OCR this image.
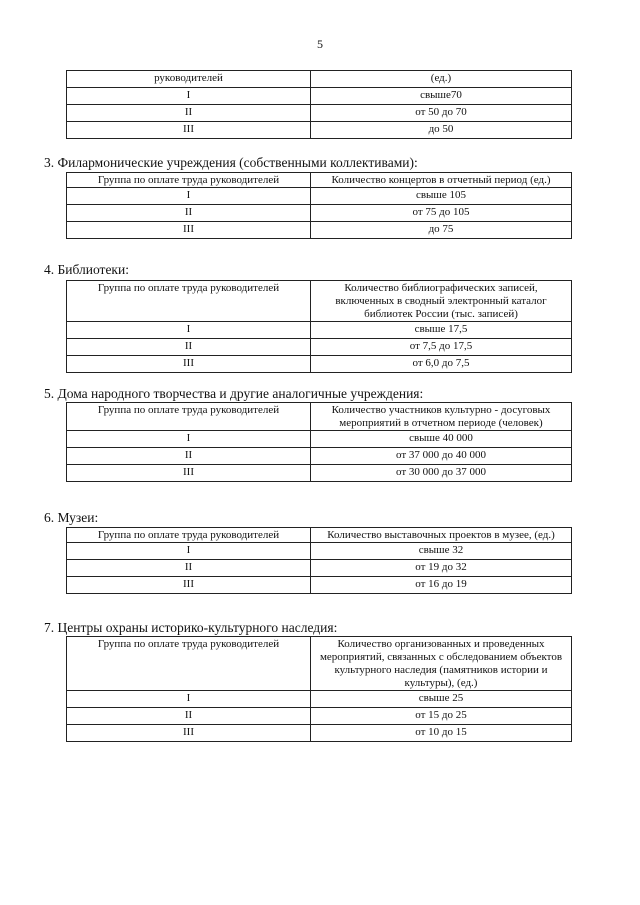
5
руководителей	(ед.)
I	свыше70
II	от 50 до 70
III	до 50
3. Филармонические учреждения (собственными коллективами):
Группа по оплате труда руководителей	Количество концертов в отчетный период (ед.)
I	свыше 105
II	от 75 до 105
III	до 75
4. Библиотеки:
Группа по оплате труда руководителей	Количество библиографических записей, включенных в сводный электронный каталог библиотек России (тыс. записей)
I	свыше 17,5
II	от 7,5 до 17,5
III	от 6,0 до 7,5
5. Дома народного творчества и другие аналогичные учреждения:
Группа по оплате труда руководителей	Количество участников культурно - досуговых мероприятий в отчетном периоде (человек)
I	свыше 40 000
II	от 37 000 до 40 000
III	от 30 000 до 37 000
6. Музеи:
Группа по оплате труда руководителей	Количество выставочных проектов в музее, (ед.)
I	свыше 32
II	от 19 до 32
III	от 16 до 19
7. Центры охраны историко-культурного наследия:
Группа по оплате труда руководителей	Количество организованных и проведенных мероприятий, связанных с обследованием объектов культурного наследия (памятников истории и культуры), (ед.)
I	свыше 25
II	от 15 до 25
III	от 10 до 15
